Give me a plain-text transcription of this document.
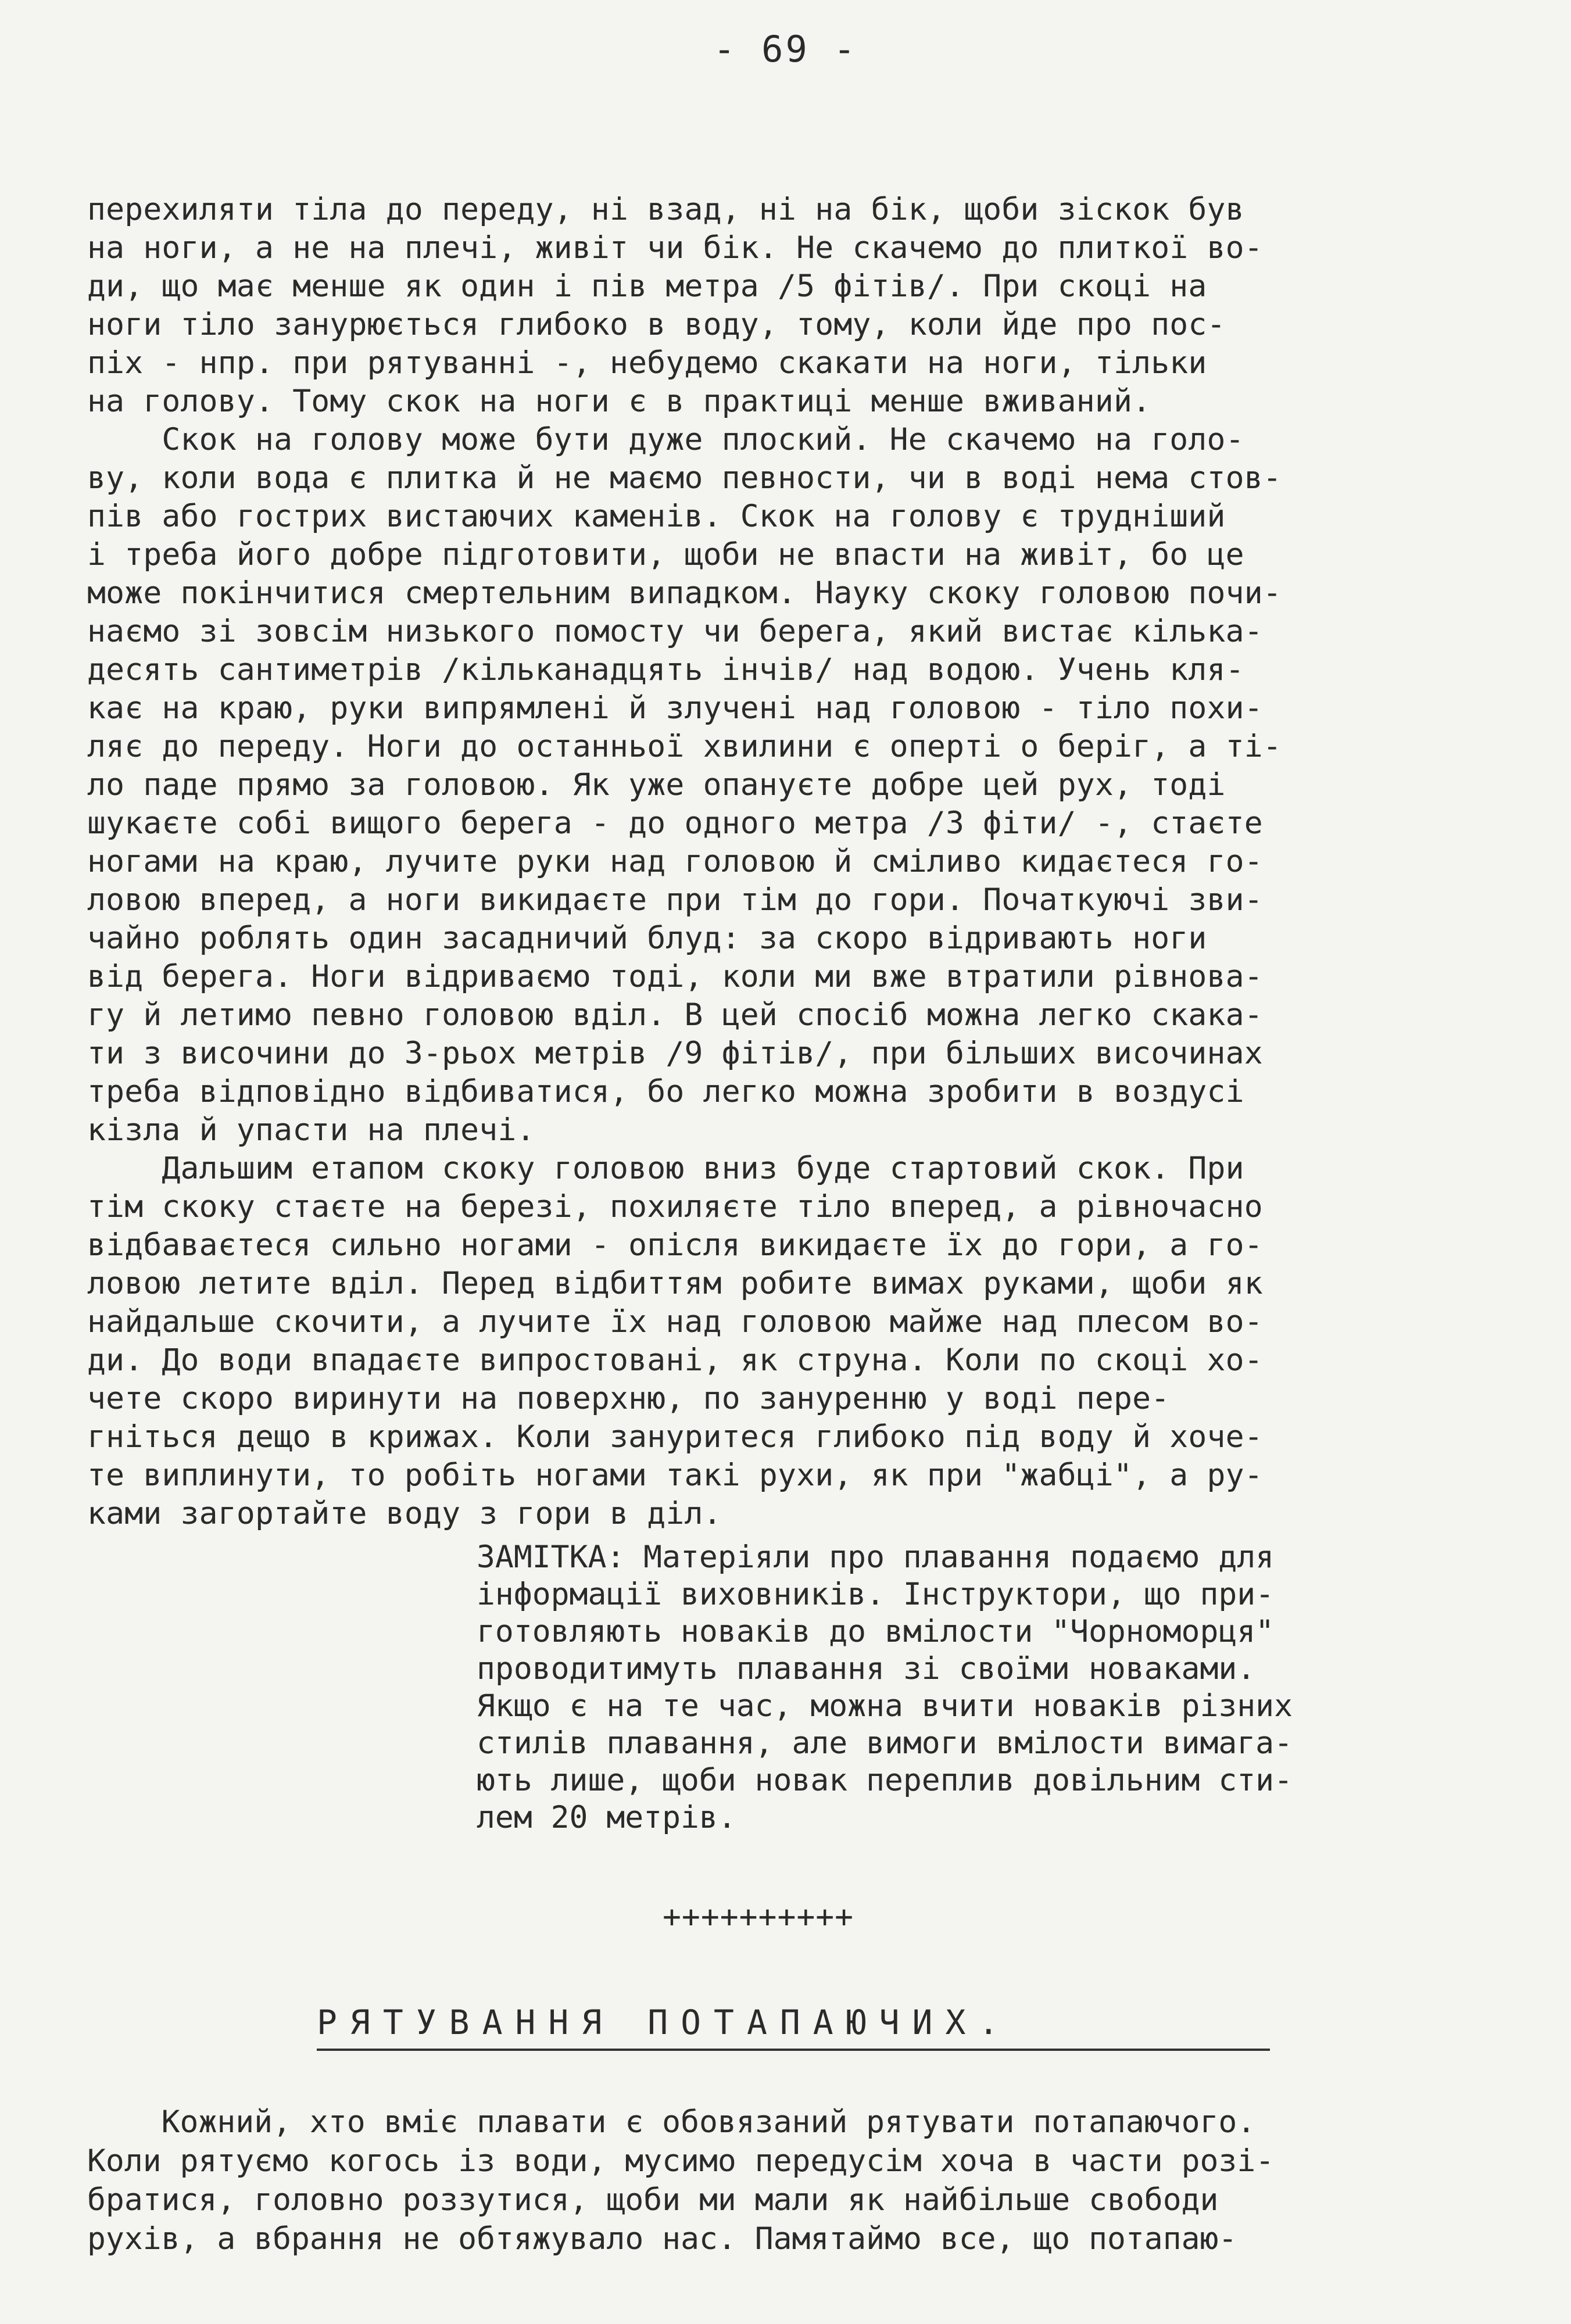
- 69 -
перехиляти тіла до переду, ні взад, ні на бік, щоби зіскок був
на ноги, а не на плечі, живіт чи бік. Не скачемо до плиткої во-
ди, що має менше як один і пів метра /5 фітів/. При скоці на
ноги тіло занурюється глибоко в воду, тому, коли йде про пос-
піх - нпр. при рятуванні -, небудемо скакати на ноги, тільки
на голову. Тому скок на ноги є в практиці менше вживаний.
Скок на голову може бути дуже плоский. Не скачемо на голо-
ву, коли вода є плитка й не маємо певности, чи в воді нема стов-
пів або гострих вистаючих каменів. Скок на голову є трудніший
і треба його добре підготовити, щоби не впасти на живіт, бо це
може покінчитися смертельним випадком. Науку скоку головою почи-
наємо зі зовсім низького помосту чи берега, який вистає кілька-
десять сантиметрів /кільканадцять інчів/ над водою. Учень кля-
кає на краю, руки випрямлені й злучені над головою - тіло похи-
ляє до переду. Ноги до останньої хвилини є оперті о беріг, а ті-
ло паде прямо за головою. Як уже опануєте добре цей рух, тоді
шукаєте собі вищого берега - до одного метра /3 фіти/ -, стаєте
ногами на краю, лучите руки над головою й сміливо кидаєтеся го-
ловою вперед, а ноги викидаєте при тім до гори. Початкуючі зви-
чайно роблять один засадничий блуд: за скоро відривають ноги
від берега. Ноги відриваємо тоді, коли ми вже втратили рівнова-
гу й летимо певно головою вділ. В цей спосіб можна легко скака-
ти з височини до 3-рьох метрів /9 фітів/, при більших височинах
треба відповідно відбиватися, бо легко можна зробити в воздусі
кізла й упасти на плечі.
Дальшим етапом скоку головою вниз буде стартовий скок. При
тім скоку стаєте на березі, похиляєте тіло вперед, а рівночасно
відбаваєтеся сильно ногами - опісля викидаєте їх до гори, а го-
ловою летите вділ. Перед відбиттям робите вимах руками, щоби як
найдальше скочити, а лучите їх над головою майже над плесом во-
ди. До води впадаєте випростовані, як струна. Коли по скоці хо-
чете скоро виринути на поверхню, по зануренню у воді пере-
гніться дещо в крижах. Коли зануритеся глибоко під воду й хоче-
те виплинути, то робіть ногами такі рухи, як при "жабці", а ру-
ками загортайте воду з гори в діл.
ЗАМІТКА: Матеріяли про плавання подаємо для
інформації виховників. Інструктори, що при-
готовляють новаків до вмілости "Чорноморця"
проводитимуть плавання зі своїми новаками.
Якщо є на те час, можна вчити новаків різних
стилів плавання, але вимоги вмілости вимага-
ють лише, щоби новак переплив довільним сти-
лем 20 метрів.
++++++++++
РЯТУВАННЯ ПОТАПАЮЧИХ.
Кожний, хто вміє плавати є обовязаний рятувати потапаючого.
Коли рятуємо когось із води, мусимо передусім хоча в части розі-
братися, головно роззутися, щоби ми мали як найбільше свободи
рухів, а вбрання не обтяжувало нас. Памятаймо все, що потапаю-
